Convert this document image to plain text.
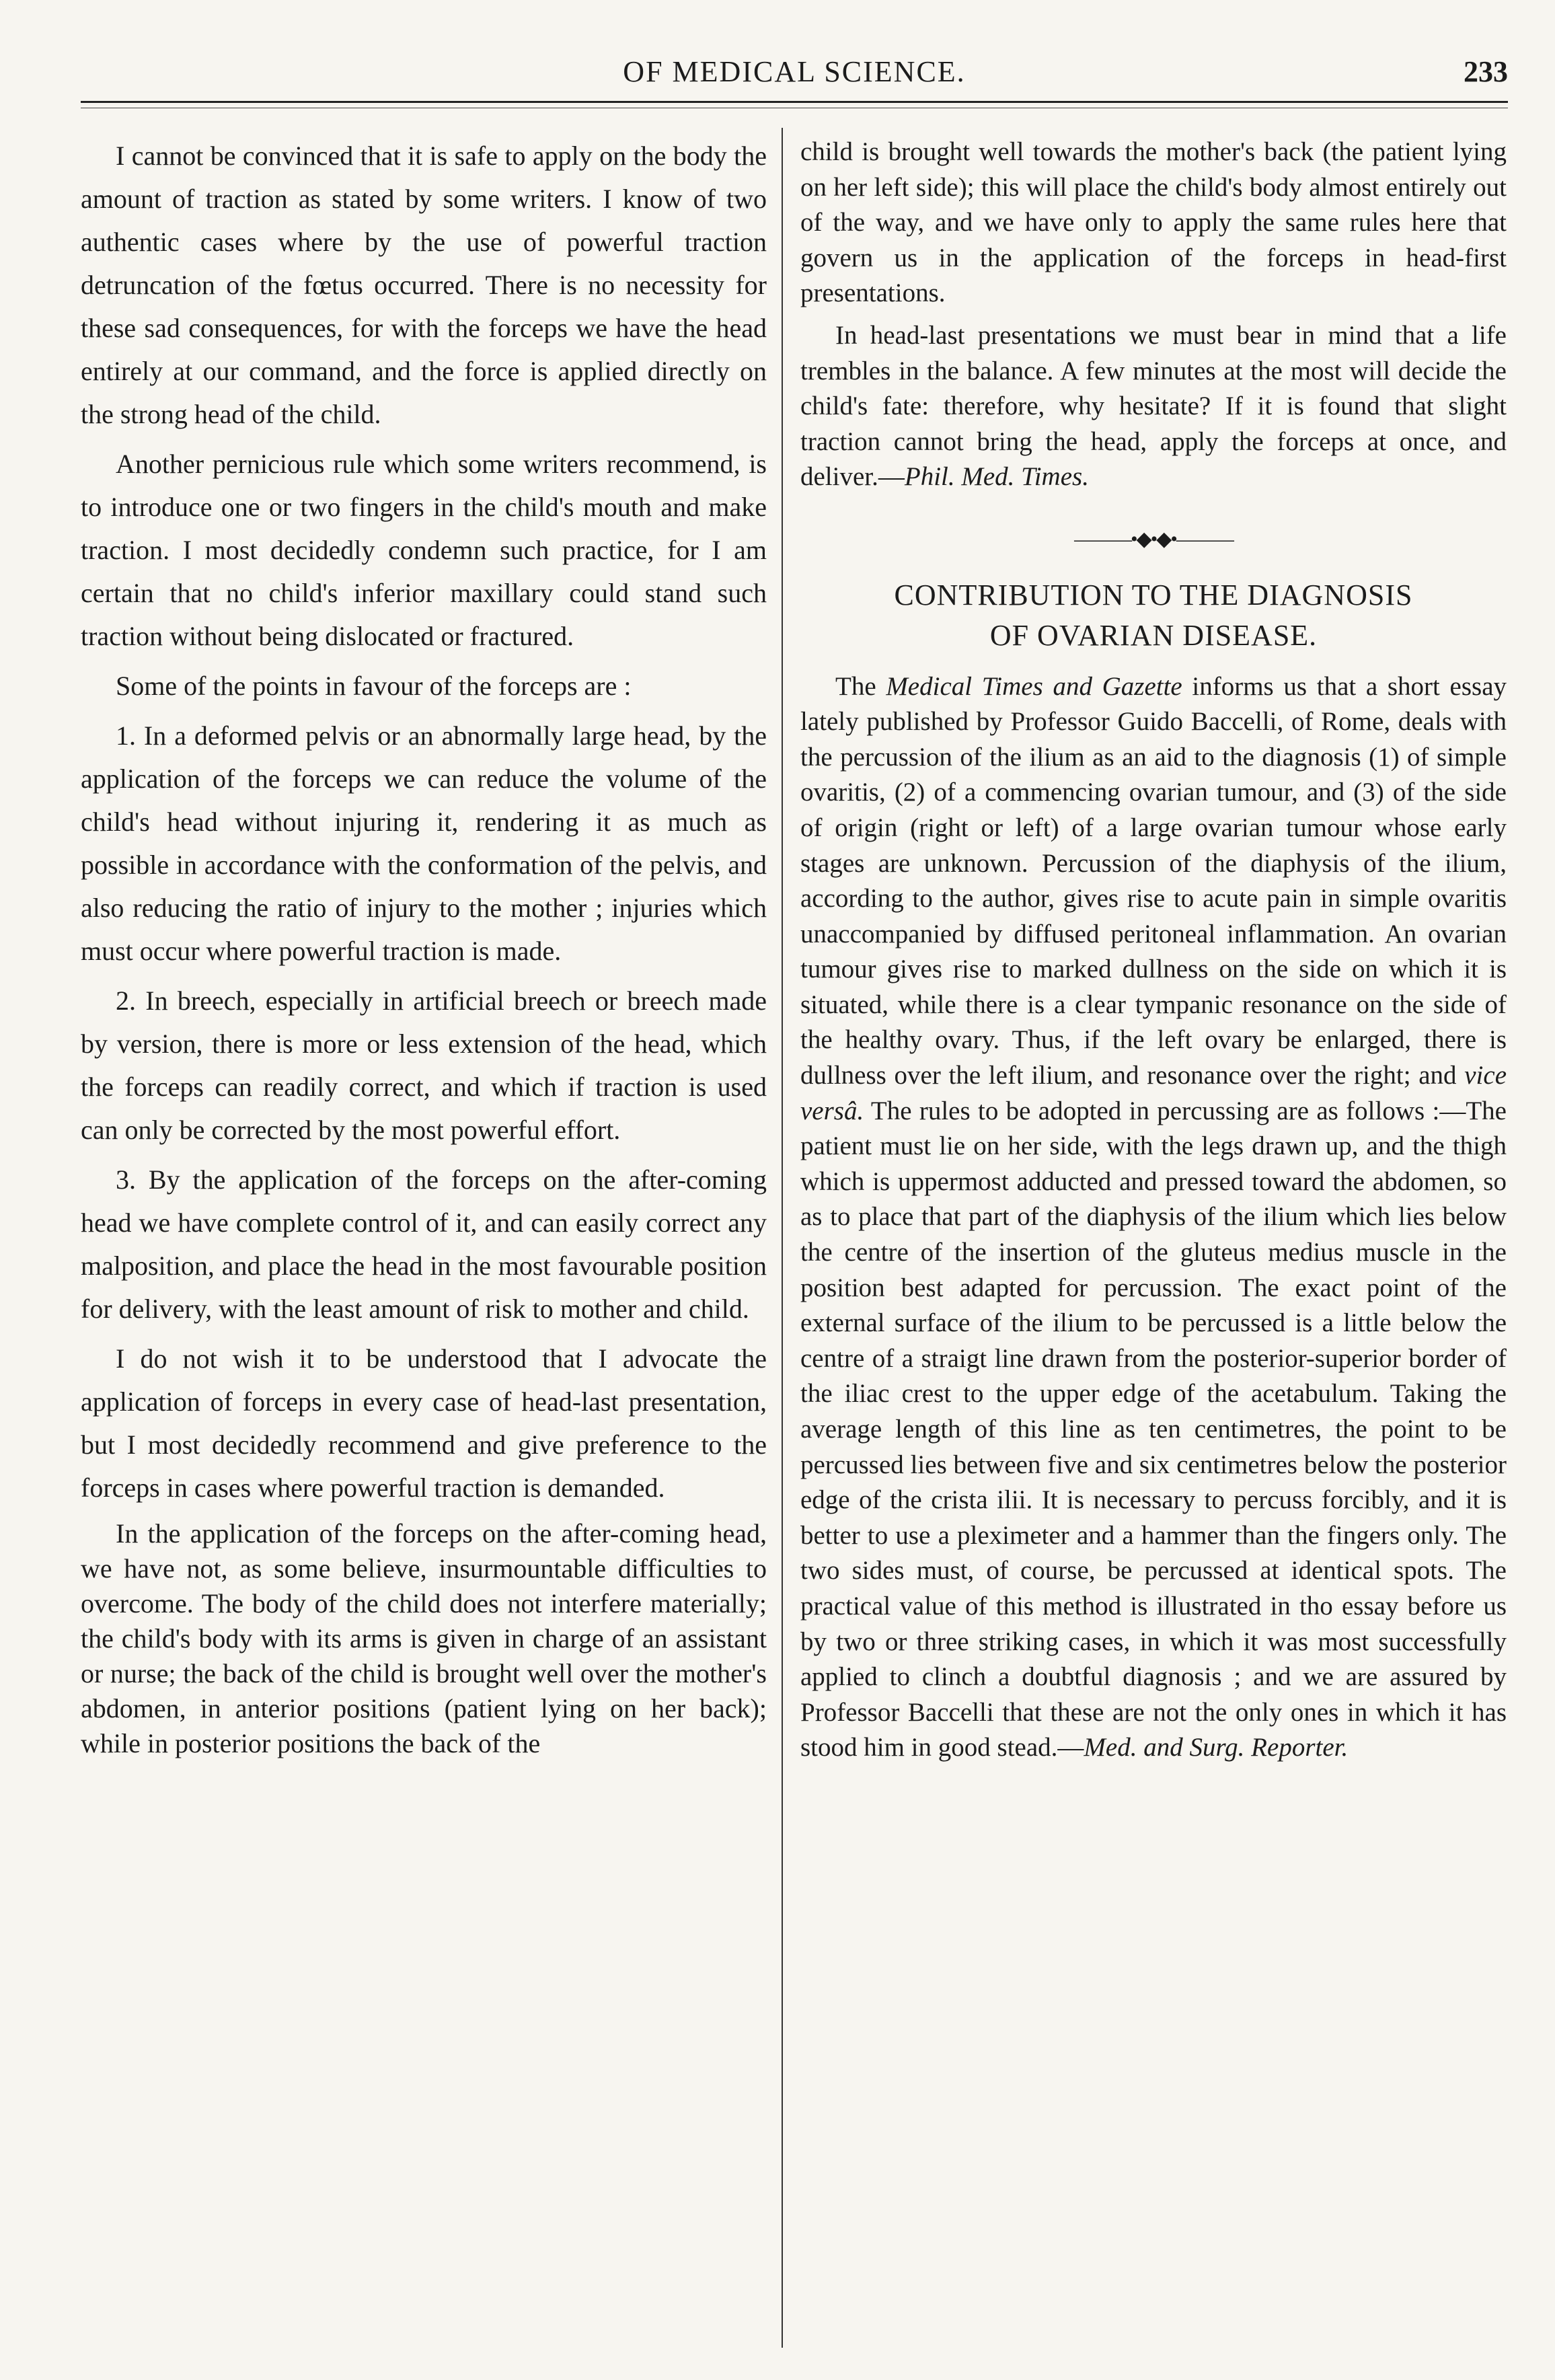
OF MEDICAL SCIENCE.	233

I cannot be convinced that it is safe to apply on the body the amount of traction as stated by some writers. I know of two authentic cases where by the use of powerful traction detruncation of the fœtus occurred. There is no necessity for these sad consequences, for with the forceps we have the head entirely at our command, and the force is applied directly on the strong head of the child.

Another pernicious rule which some writers recommend, is to introduce one or two fingers in the child's mouth and make traction. I most decidedly condemn such practice, for I am certain that no child's inferior maxillary could stand such traction without being dislocated or fractured.

Some of the points in favour of the forceps are :

1. In a deformed pelvis or an abnormally large head, by the application of the forceps we can reduce the volume of the child's head without injuring it, rendering it as much as possible in accordance with the conformation of the pelvis, and also reducing the ratio of injury to the mother ; injuries which must occur where powerful traction is made.

2. In breech, especially in artificial breech or breech made by version, there is more or less extension of the head, which the forceps can readily correct, and which if traction is used can only be corrected by the most powerful effort.

3. By the application of the forceps on the after-coming head we have complete control of it, and can easily correct any malposition, and place the head in the most favourable position for delivery, with the least amount of risk to mother and child.

I do not wish it to be understood that I advocate the application of forceps in every case of head-last presentation, but I most decidedly recommend and give preference to the forceps in cases where powerful traction is demanded.

In the application of the forceps on the after-coming head, we have not, as some believe, insurmountable difficulties to overcome. The body of the child does not interfere materially; the child's body with its arms is given in charge of an assistant or nurse; the back of the child is brought well over the mother's abdomen, in anterior positions (patient lying on her back); while in posterior positions the back of the

child is brought well towards the mother's back (the patient lying on her left side); this will place the child's body almost entirely out of the way, and we have only to apply the same rules here that govern us in the application of the forceps in head-first presentations.

In head-last presentations we must bear in mind that a life trembles in the balance. A few minutes at the most will decide the child's fate: therefore, why hesitate? If it is found that slight traction cannot bring the head, apply the forceps at once, and deliver.—Phil. Med. Times.

———•◆•◆•———
CONTRIBUTION TO THE DIAGNOSIS
OF OVARIAN DISEASE.

The Medical Times and Gazette informs us that a short essay lately published by Professor Guido Baccelli, of Rome, deals with the percussion of the ilium as an aid to the diagnosis (1) of simple ovaritis, (2) of a commencing ovarian tumour, and (3) of the side of origin (right or left) of a large ovarian tumour whose early stages are unknown. Percussion of the diaphysis of the ilium, according to the author, gives rise to acute pain in simple ovaritis unaccompanied by diffused peritoneal inflammation. An ovarian tumour gives rise to marked dullness on the side on which it is situated, while there is a clear tympanic resonance on the side of the healthy ovary. Thus, if the left ovary be enlarged, there is dullness over the left ilium, and resonance over the right; and vice versâ. The rules to be adopted in percussing are as follows :—The patient must lie on her side, with the legs drawn up, and the thigh which is uppermost adducted and pressed toward the abdomen, so as to place that part of the diaphysis of the ilium which lies below the centre of the insertion of the gluteus medius muscle in the position best adapted for percussion. The exact point of the external surface of the ilium to be percussed is a little below the centre of a straigt line drawn from the posterior-superior border of the iliac crest to the upper edge of the acetabulum. Taking the average length of this line as ten centimetres, the point to be percussed lies between five and six centimetres below the posterior edge of the crista ilii. It is necessary to percuss forcibly, and it is better to use a pleximeter and a hammer than the fingers only. The two sides must, of course, be percussed at identical spots. The practical value of this method is illustrated in tho essay before us by two or three striking cases, in which it was most successfully applied to clinch a doubtful diagnosis ; and we are assured by Professor Baccelli that these are not the only ones in which it has stood him in good stead.—Med. and Surg. Reporter.
